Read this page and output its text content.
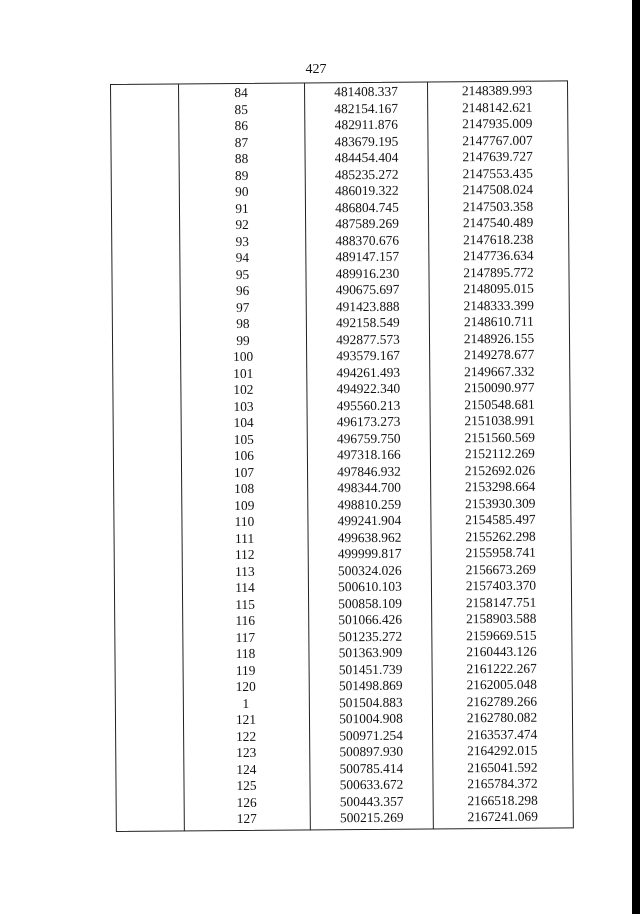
427
84	481408.337	2148389.993
85	482154.167	2148142.621
86	482911.876	2147935.009
87	483679.195	2147767.007
88	484454.404	2147639.727
89	485235.272	2147553.435
90	486019.322	2147508.024
91	486804.745	2147503.358
92	487589.269	2147540.489
93	488370.676	2147618.238
94	489147.157	2147736.634
95	489916.230	2147895.772
96	490675.697	2148095.015
97	491423.888	2148333.399
98	492158.549	2148610.711
99	492877.573	2148926.155
100	493579.167	2149278.677
101	494261.493	2149667.332
102	494922.340	2150090.977
103	495560.213	2150548.681
104	496173.273	2151038.991
105	496759.750	2151560.569
106	497318.166	2152112.269
107	497846.932	2152692.026
108	498344.700	2153298.664
109	498810.259	2153930.309
110	499241.904	2154585.497
111	499638.962	2155262.298
112	499999.817	2155958.741
113	500324.026	2156673.269
114	500610.103	2157403.370
115	500858.109	2158147.751
116	501066.426	2158903.588
117	501235.272	2159669.515
118	501363.909	2160443.126
119	501451.739	2161222.267
120	501498.869	2162005.048
1	501504.883	2162789.266
121	501004.908	2162780.082
122	500971.254	2163537.474
123	500897.930	2164292.015
124	500785.414	2165041.592
125	500633.672	2165784.372
126	500443.357	2166518.298
127	500215.269	2167241.069
